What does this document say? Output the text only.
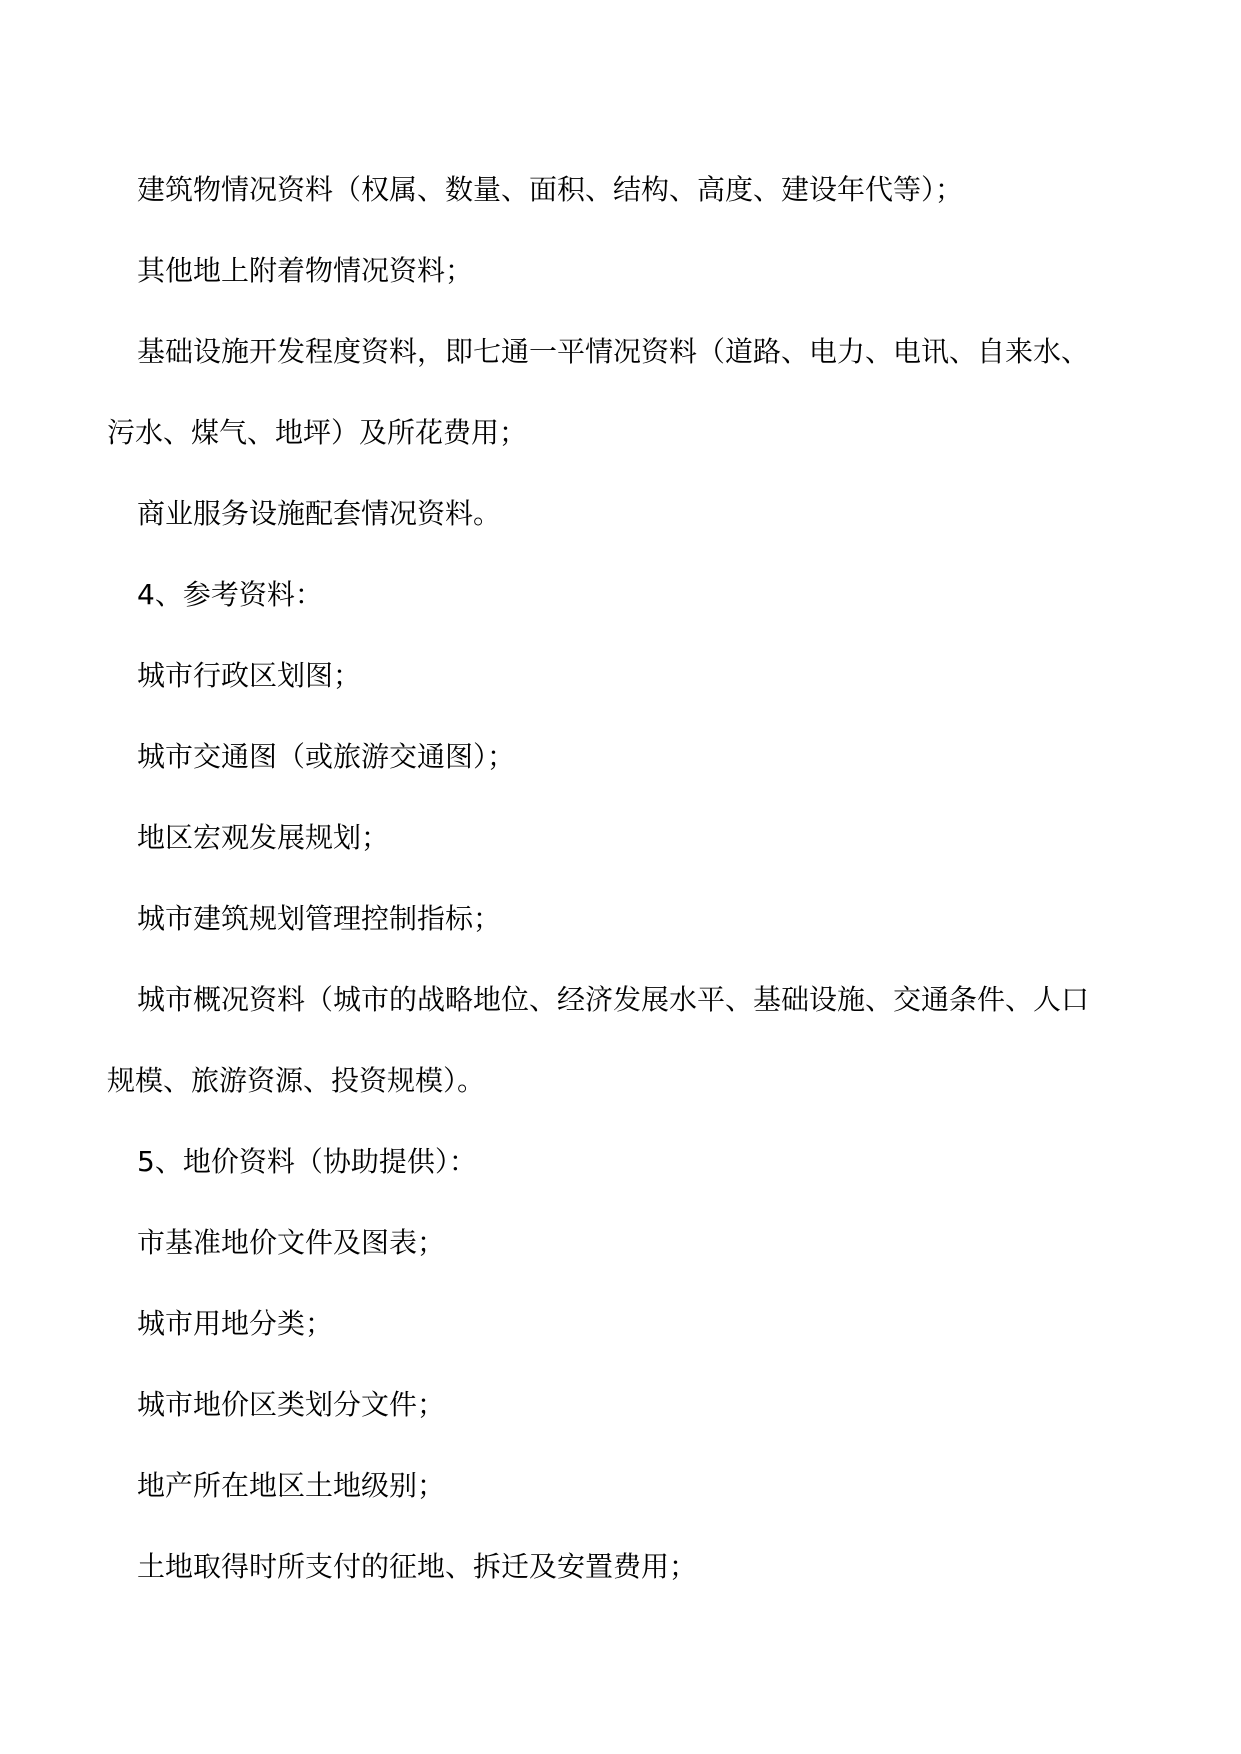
建筑物情况资料（权属、数量、面积、结构、高度、建设年代等）；
其他地上附着物情况资料；
基础设施开发程度资料，即七通一平情况资料（道路、电力、电讯、自来水、
污水、煤气、地坪）及所花费用；
商业服务设施配套情况资料。
4、参考资料：
城市行政区划图；
城市交通图（或旅游交通图）；
地区宏观发展规划；
城市建筑规划管理控制指标；
城市概况资料（城市的战略地位、经济发展水平、基础设施、交通条件、人口
规模、旅游资源、投资规模）。
5、地价资料（协助提供）：
市基准地价文件及图表；
城市用地分类；
城市地价区类划分文件；
地产所在地区土地级别；
土地取得时所支付的征地、拆迁及安置费用；
